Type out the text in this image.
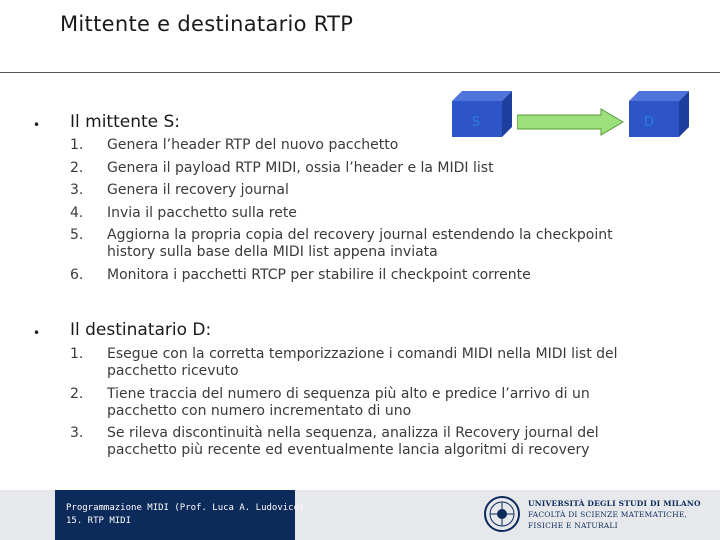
Mittente e destinatario RTP
• Il mittente S:
1. Genera l’header RTP del nuovo pacchetto
2. Genera il payload RTP MIDI, ossia l’header e la MIDI list
3. Genera il recovery journal
4. Invia il pacchetto sulla rete
5. Aggiorna la propria copia del recovery journal estendendo la checkpoint history sulla base della MIDI list appena inviata
6. Monitora i pacchetti RTCP per stabilire il checkpoint corrente
• Il destinatario D:
1. Esegue con la corretta temporizzazione i comandi MIDI nella MIDI list del pacchetto ricevuto
2. Tiene traccia del numero di sequenza più alto e predice l’arrivo di un pacchetto con numero incrementato di uno
3. Se rileva discontinuità nella sequenza, analizza il Recovery journal del pacchetto più recente ed eventualmente lancia algoritmi di recovery
S	D
Programmazione MIDI (Prof. Luca A. Ludovico)
15. RTP MIDI
UNIVERSITÀ DEGLI STUDI DI MILANO
FACOLTÀ DI SCIENZE MATEMATICHE,
FISICHE E NATURALI
